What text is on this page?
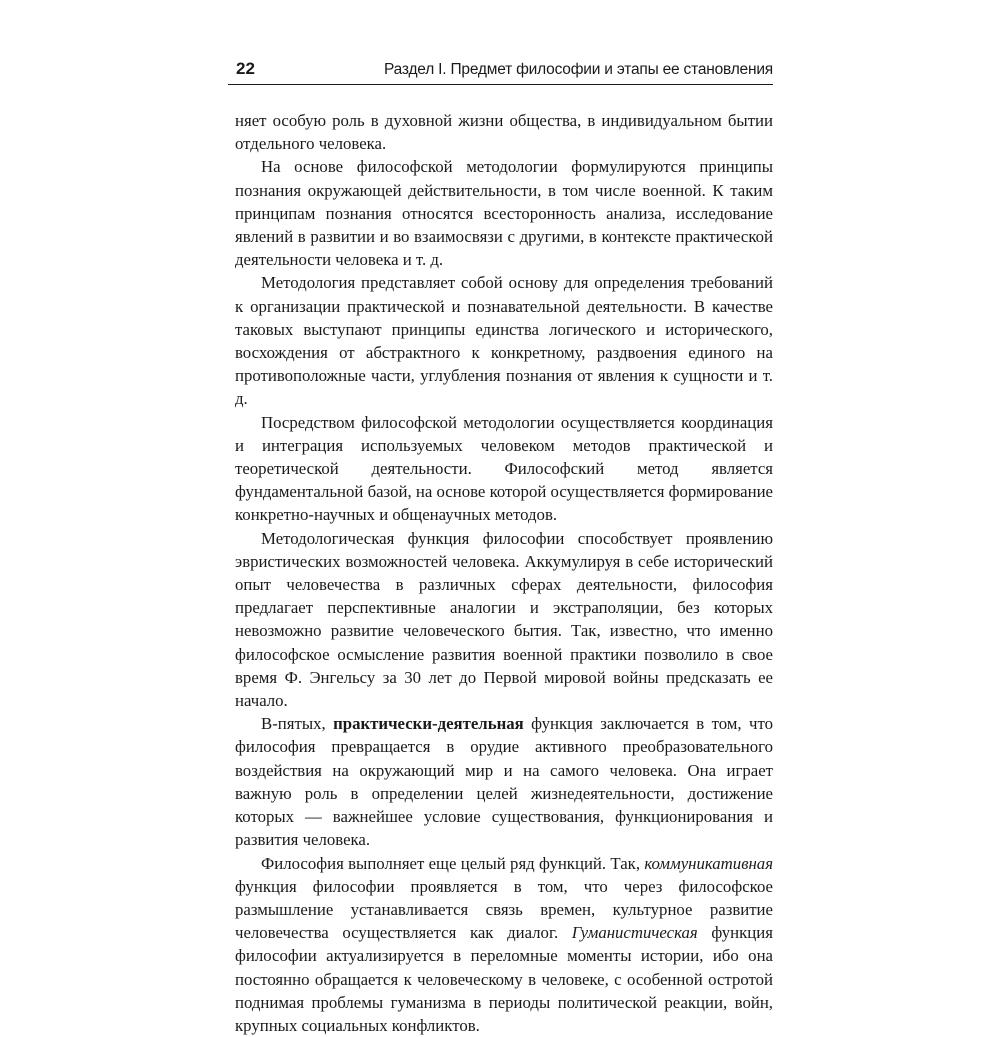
22	Раздел I. Предмет философии и этапы ее становления

няет особую роль в духовной жизни общества, в индивидуальном бытии отдельного человека.

На основе философской методологии формулируются принципы познания окружающей действительности, в том числе военной. К таким принципам познания относятся всесторонность анализа, исследование явлений в развитии и во взаимосвязи с другими, в контексте практической деятельности человека и т. д.

Методология представляет собой основу для определения требований к организации практической и познавательной деятельности. В качестве таковых выступают принципы единства логического и исторического, восхождения от абстрактного к конкретному, раздвоения единого на противоположные части, углубления познания от явления к сущности и т. д.

Посредством философской методологии осуществляется координация и интеграция используемых человеком методов практической и теоретической деятельности. Философский метод является фундаментальной базой, на основе которой осуществляется формирование конкретно-научных и общенаучных методов.

Методологическая функция философии способствует проявлению эвристических возможностей человека. Аккумулируя в себе исторический опыт человечества в различных сферах деятельности, философия предлагает перспективные аналогии и экстраполяции, без которых невозможно развитие человеческого бытия. Так, известно, что именно философское осмысление развития военной практики позволило в свое время Ф. Энгельсу за 30 лет до Первой мировой войны предсказать ее начало.

В-пятых, практически-деятельная функция заключается в том, что философия превращается в орудие активного преобразовательного воздействия на окружающий мир и на самого человека. Она играет важную роль в определении целей жизнедеятельности, достижение которых — важнейшее условие существования, функционирования и развития человека.

Философия выполняет еще целый ряд функций. Так, коммуникативная функция философии проявляется в том, что через философское размышление устанавливается связь времен, культурное развитие человечества осуществляется как диалог. Гуманистическая функция философии актуализируется в переломные моменты истории, ибо она постоянно обращается к человеческому в человеке, с особенной остротой поднимая проблемы гуманизма в периоды политической реакции, войн, крупных социальных конфликтов.
